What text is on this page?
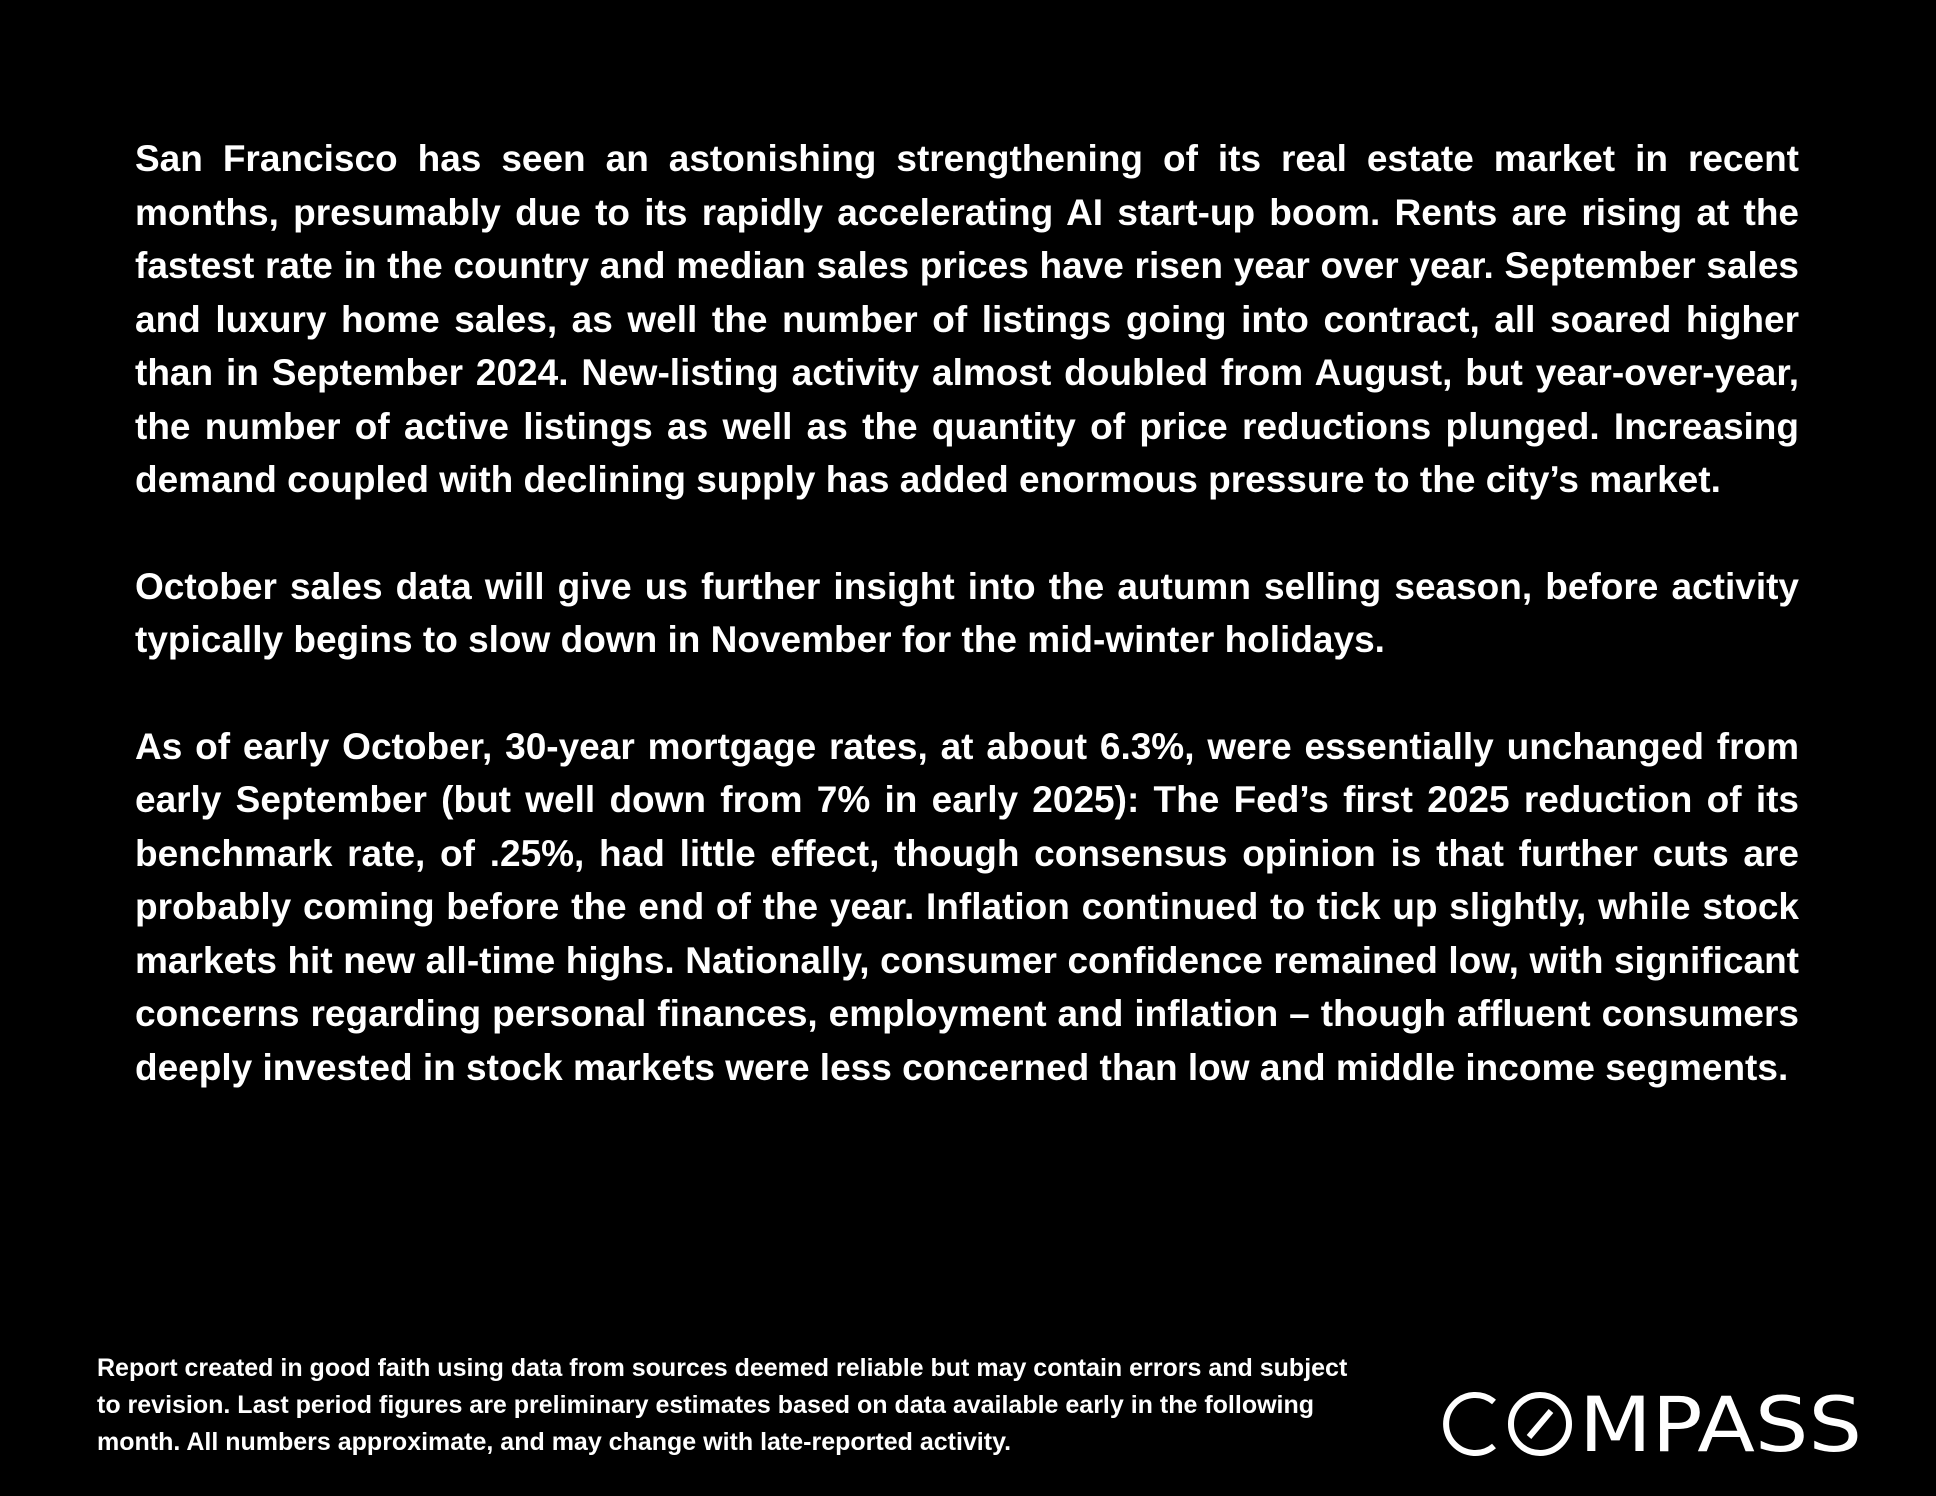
San Francisco has seen an astonishing strengthening of its real estate market in recent months, presumably due to its rapidly accelerating AI start-up boom. Rents are rising at the fastest rate in the country and median sales prices have risen year over year. September sales and luxury home sales, as well the number of listings going into contract, all soared higher than in September 2024. New-listing activity almost doubled from August, but year-over-year, the number of active listings as well as the quantity of price reductions plunged. Increasing demand coupled with declining supply has added enormous pressure to the city’s market.

October sales data will give us further insight into the autumn selling season, before activity typically begins to slow down in November for the mid-winter holidays.

As of early October, 30-year mortgage rates, at about 6.3%, were essentially unchanged from early September (but well down from 7% in early 2025): The Fed’s first 2025 reduction of its benchmark rate, of .25%, had little effect, though consensus opinion is that further cuts are probably coming before the end of the year. Inflation continued to tick up slightly, while stock markets hit new all-time highs. Nationally, consumer confidence remained low, with significant concerns regarding personal finances, employment and inflation – though affluent consumers deeply invested in stock markets were less concerned than low and middle income segments.

Report created in good faith using data from sources deemed reliable but may contain errors and subject to revision. Last period figures are preliminary estimates based on data available early in the following month. All numbers approximate, and may change with late-reported activity.	MPASS
